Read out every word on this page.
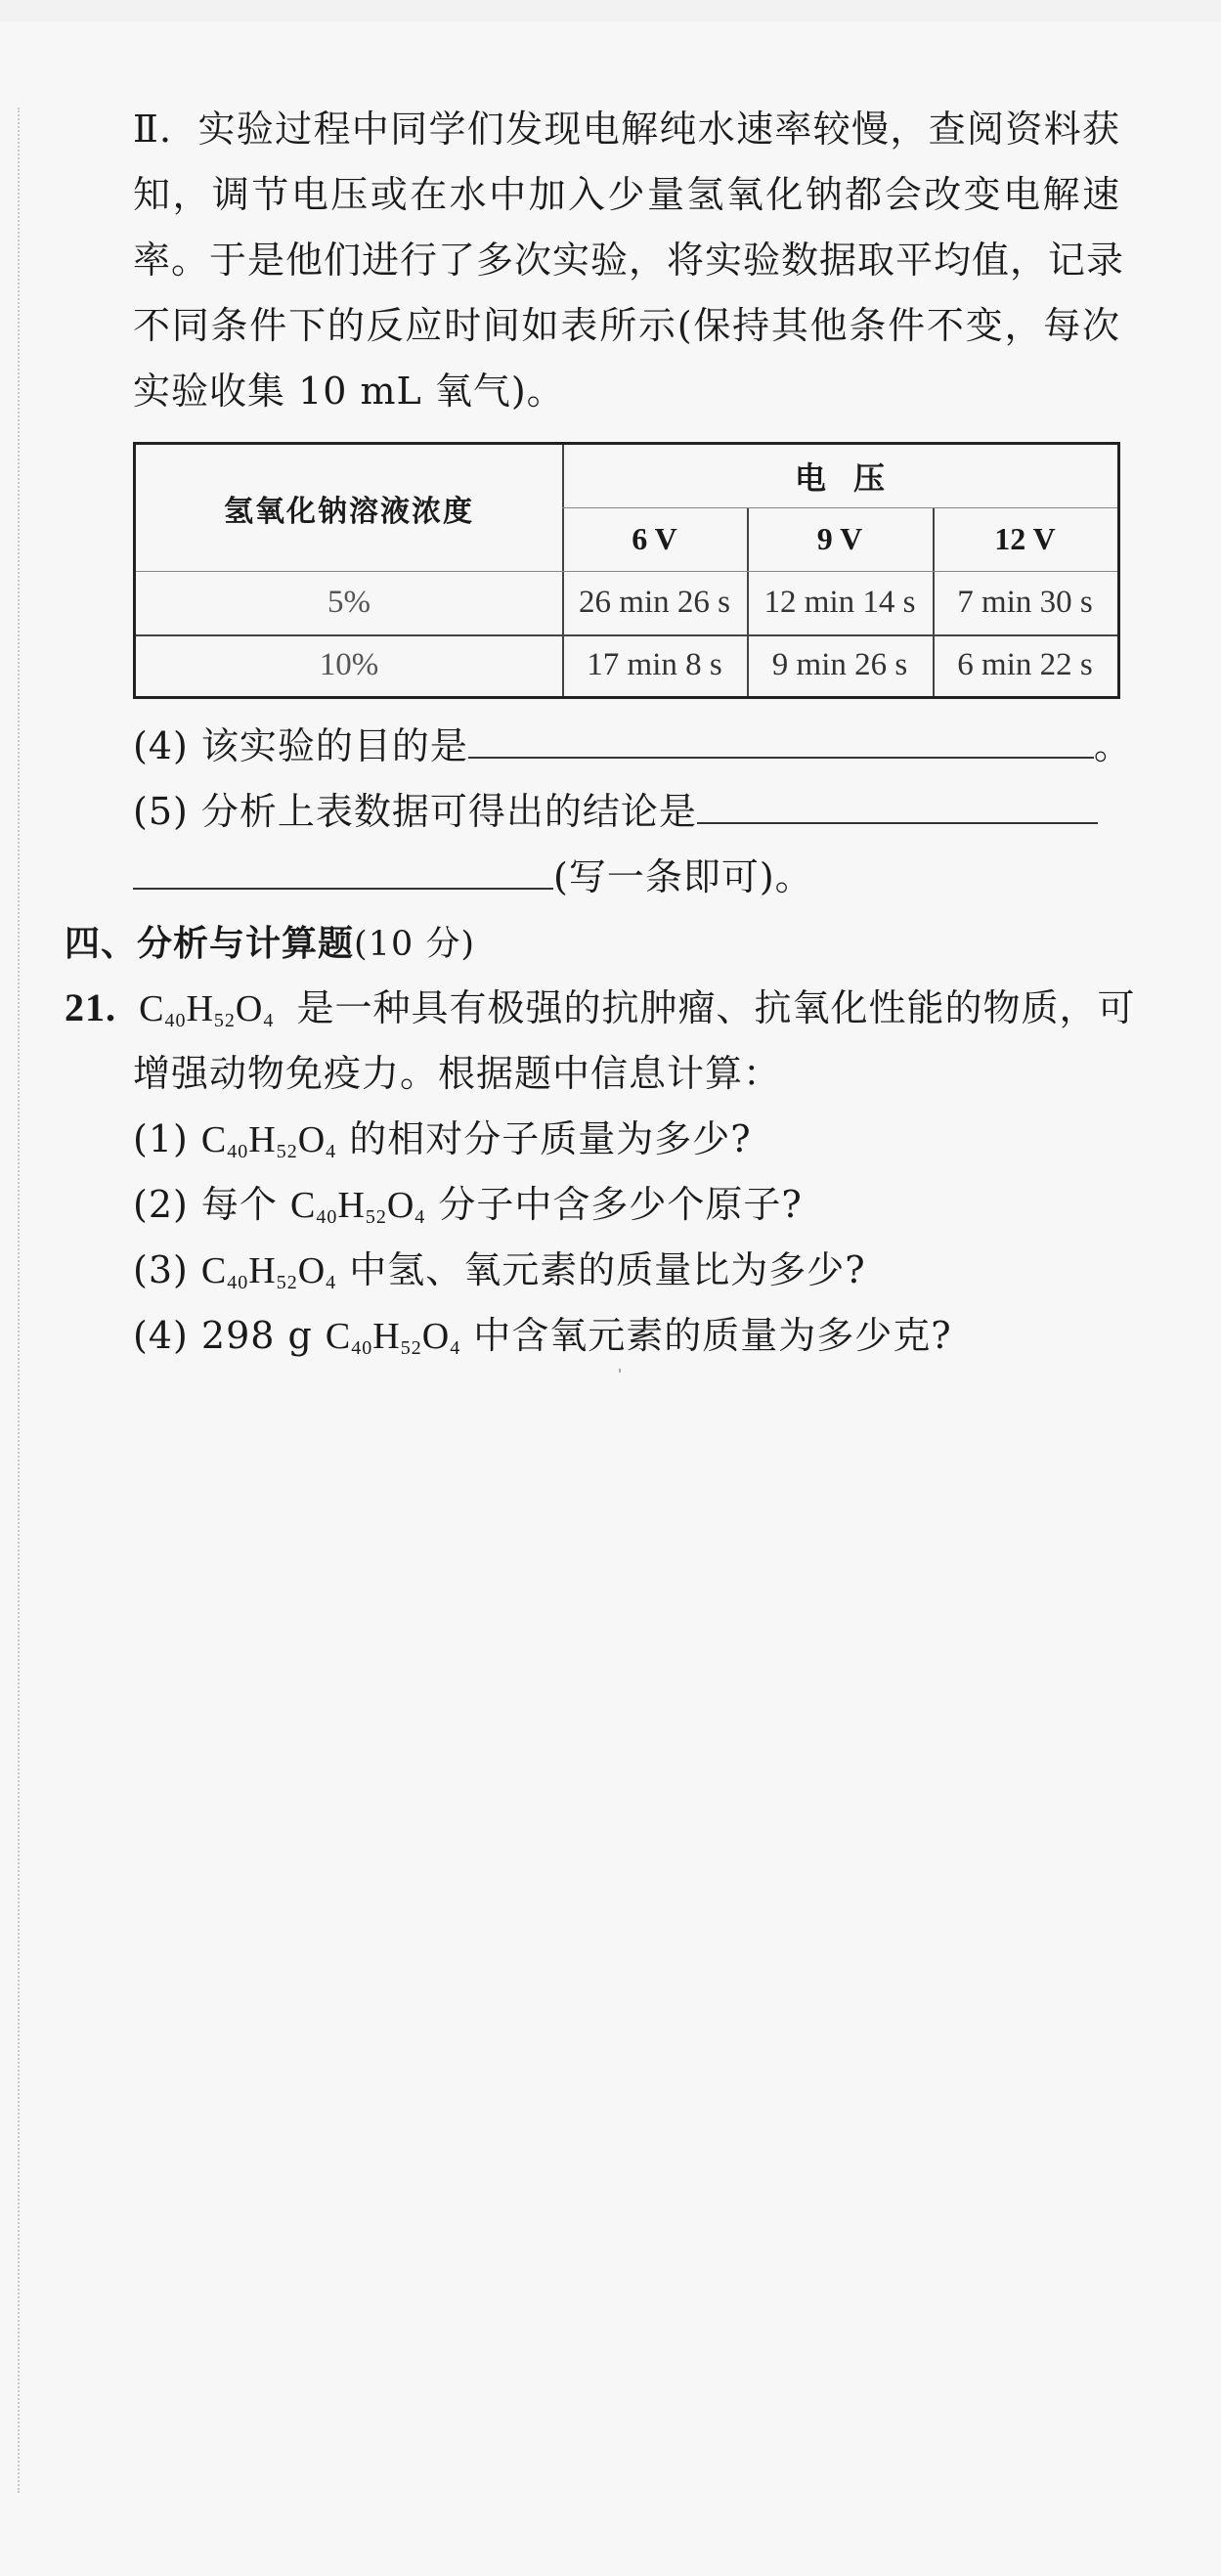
Ⅱ．实验过程中同学们发现电解纯水速率较慢，查阅资料获
知，调节电压或在水中加入少量氢氧化钠都会改变电解速
率。于是他们进行了多次实验，将实验数据取平均值，记录
不同条件下的反应时间如表所示(保持其他条件不变，每次
实验收集 10 mL 氧气)。
氢氧化钠溶液浓度
电压
6 V	9 V	12 V
5%	26 min 26 s	12 min 14 s	7 min 30 s
10%	17 min 8 s	9 min 26 s	6 min 22 s
(4) 该实验的目的是	。
(5) 分析上表数据可得出的结论是
(写一条即可)。
四、分析与计算题(10 分)
21. $C_{40}H_{52}O_4$ 是一种具有极强的抗肿瘤、抗氧化性能的物质，可
增强动物免疫力。根据题中信息计算：
(1) $C_{40}H_{52}O_4$ 的相对分子质量为多少?
(2) 每个 $C_{40}H_{52}O_4$ 分子中含多少个原子?
(3) $C_{40}H_{52}O_4$ 中氢、氧元素的质量比为多少?
(4) 298 g $C_{40}H_{52}O_4$ 中含氧元素的质量为多少克?
